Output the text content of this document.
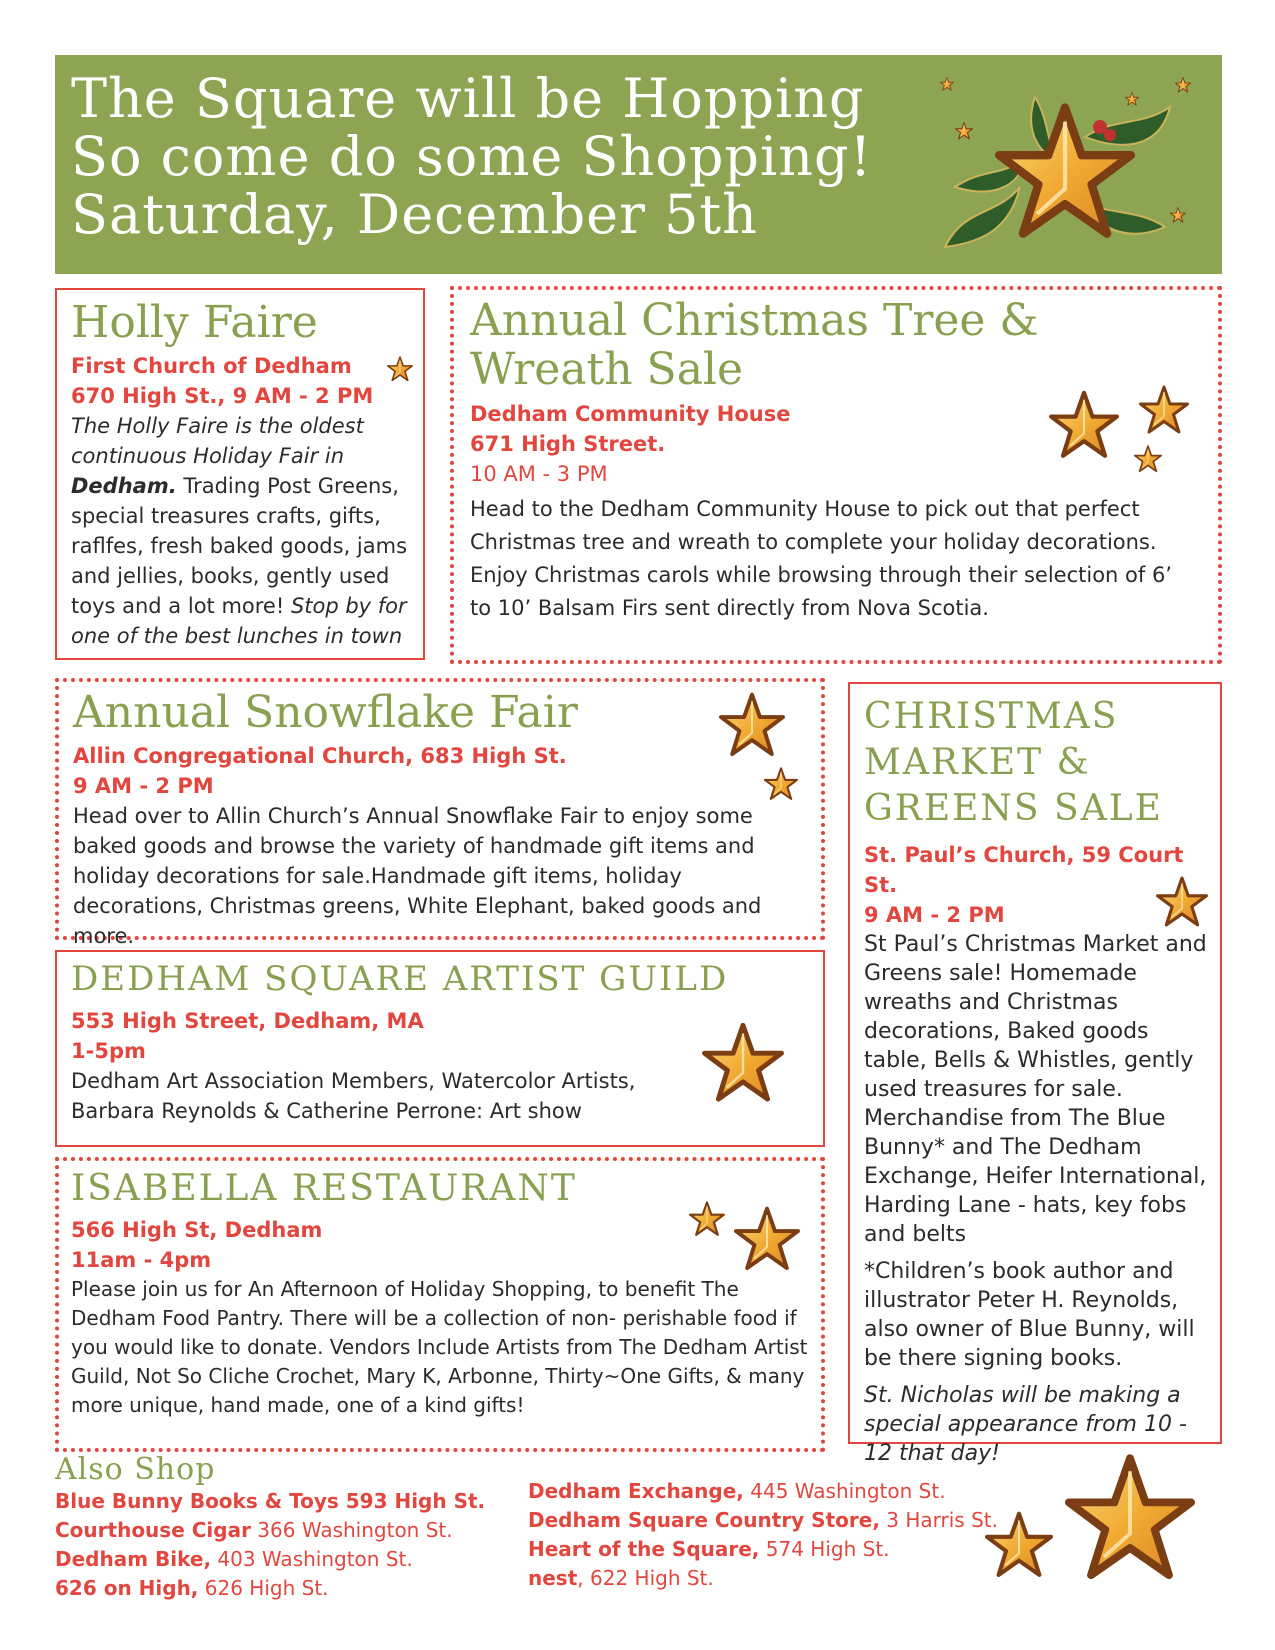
The Square will be Hopping
So come do some Shopping!
Saturday, December 5th
Holly Faire
First Church of Dedham
670 High St., 9 AM - 2 PM
The Holly Faire is the oldest continuous Holiday Fair in Dedham. Trading Post Greens, special treasures crafts, gifts, raflfes, fresh baked goods, jams and jellies, books, gently used toys and a lot more! Stop by for one of the best lunches in town
Annual Christmas Tree &
Wreath Sale
Dedham Community House
671 High Street.
10 AM - 3 PM
Head to the Dedham Community House to pick out that perfect Christmas tree and wreath to complete your holiday decorations. Enjoy Christmas carols while browsing through their selection of 6’ to 10’ Balsam Firs sent directly from Nova Scotia.
Annual Snowflake Fair
Allin Congregational Church, 683 High St.
9 AM - 2 PM
Head over to Allin Church’s Annual Snowflake Fair to enjoy some baked goods and browse the variety of handmade gift items and holiday decorations for sale.Handmade gift items, holiday decorations, Christmas greens, White Elephant, baked goods and more.
DEDHAM SQUARE ARTIST GUILD
553 High Street, Dedham, MA
1-5pm
Dedham Art Association Members, Watercolor Artists, Barbara Reynolds & Catherine Perrone: Art show
ISABELLA RESTAURANT
566 High St, Dedham
11am - 4pm
Please join us for An Afternoon of Holiday Shopping, to benefit The Dedham Food Pantry. There will be a collection of non- perishable food if you would like to donate. Vendors Include Artists from The Dedham Artist Guild, Not So Cliche Crochet, Mary K, Arbonne, Thirty~One Gifts, & many more unique, hand made, one of a kind gifts!
CHRISTMAS
MARKET &
GREENS SALE
St. Paul’s Church, 59 Court St.
9 AM - 2 PM
St Paul’s Christmas Market and Greens sale! Homemade wreaths and Christmas decorations, Baked goods table, Bells & Whistles, gently used treasures for sale. Merchandise from The Blue Bunny* and The Dedham Exchange, Heifer International, Harding Lane - hats, key fobs and belts
*Children’s book author and illustrator Peter H. Reynolds, also owner of Blue Bunny, will be there signing books.
St. Nicholas will be making a special appearance from 10 - 12 that day!
Also Shop
Blue Bunny Books & Toys 593 High St.
Courthouse Cigar 366 Washington St.
Dedham Bike, 403 Washington St.
626 on High, 626 High St.
Dedham Exchange, 445 Washington St.
Dedham Square Country Store, 3 Harris St.
Heart of the Square, 574 High St.
nest, 622 High St.
